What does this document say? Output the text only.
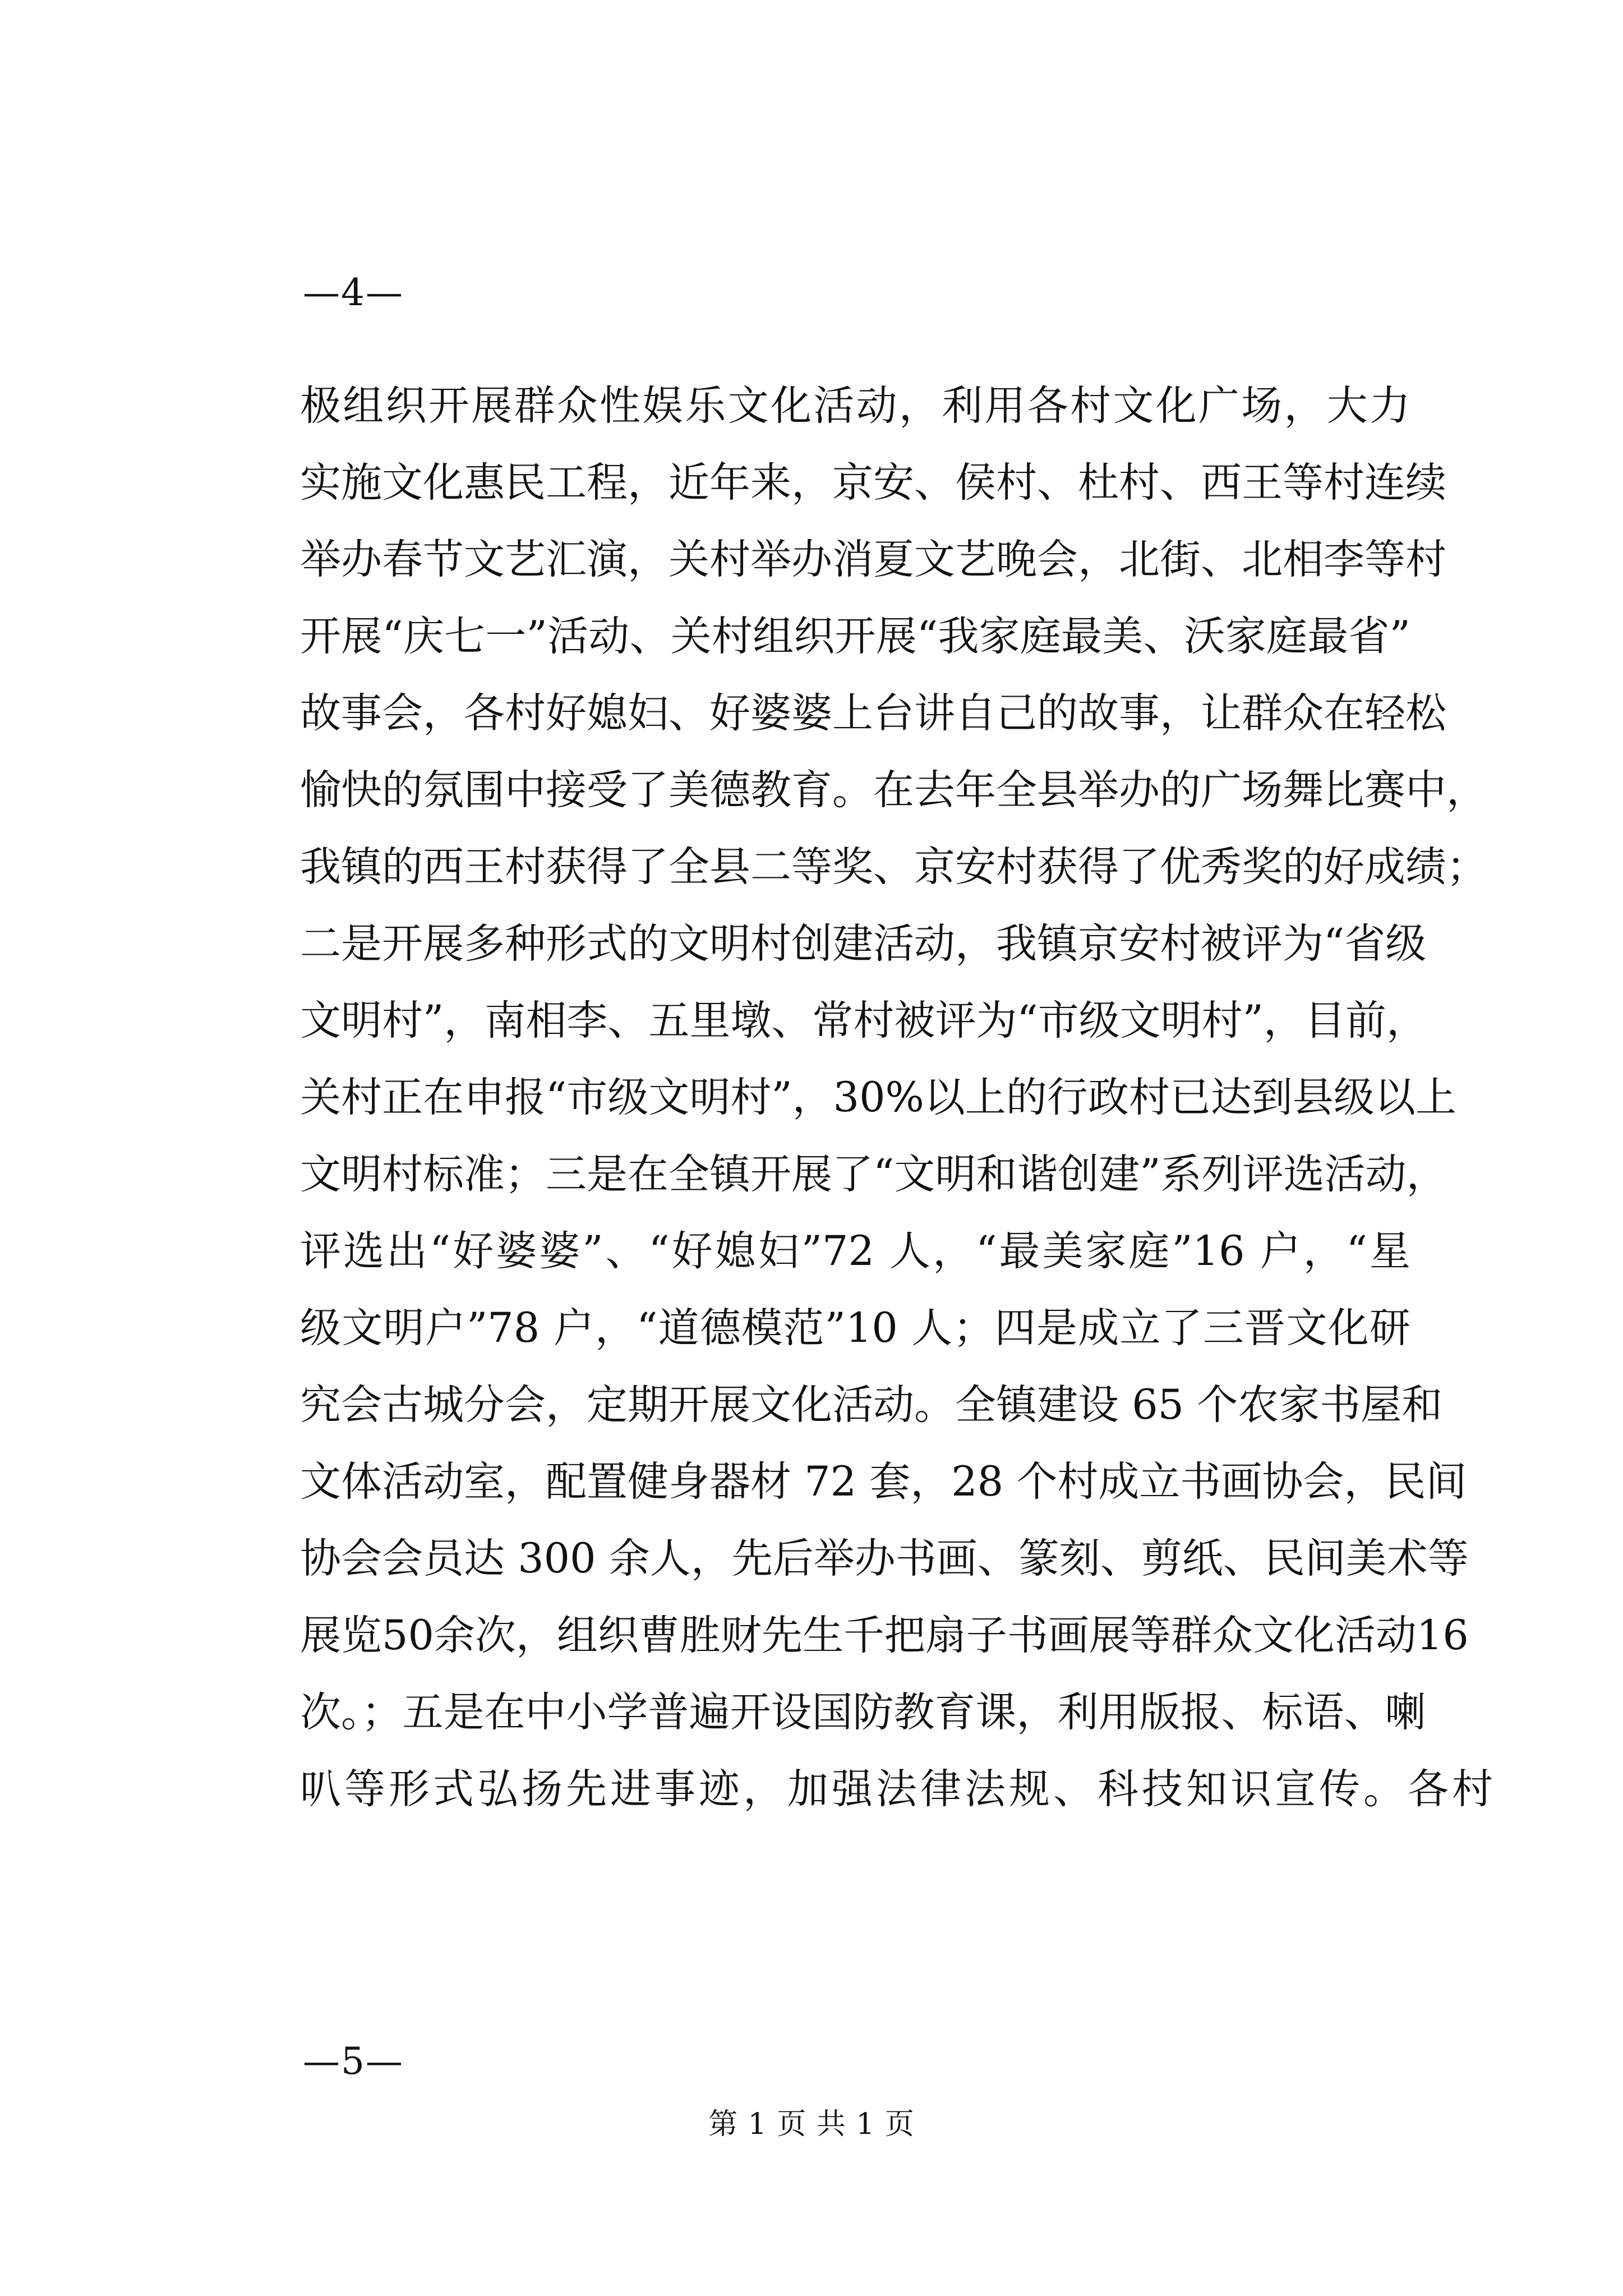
—4—
极组织开展群众性娱乐文化活动，利用各村文化广场，大力
实施文化惠民工程，近年来，京安、侯村、杜村、西王等村连续
举办春节文艺汇演，关村举办消夏文艺晚会，北街、北相李等村
开展“庆七一”活动、关村组织开展“我家庭最美、沃家庭最省”
故事会，各村好媳妇、好婆婆上台讲自己的故事，让群众在轻松
愉快的氛围中接受了美德教育。在去年全县举办的广场舞比赛中，
我镇的西王村获得了全县二等奖、京安村获得了优秀奖的好成绩；
二是开展多种形式的文明村创建活动，我镇京安村被评为“省级
文明村”，南相李、五里墩、常村被评为“市级文明村”，目前，
关村正在申报“市级文明村”，30%以上的行政村已达到县级以上
文明村标准；三是在全镇开展了“文明和谐创建”系列评选活动，
评选出“好婆婆”、“好媳妇”72 人，“最美家庭”16 户，“星
级文明户”78 户，“道德模范”10 人；四是成立了三晋文化研
究会古城分会，定期开展文化活动。全镇建设 65 个农家书屋和
文体活动室，配置健身器材 72 套，28 个村成立书画协会，民间
协会会员达 300 余人，先后举办书画、篆刻、剪纸、民间美术等
展览50余次，组织曹胜财先生千把扇子书画展等群众文化活动16
次。；五是在中小学普遍开设国防教育课，利用版报、标语、喇
叭等形式弘扬先进事迹，加强法律法规、科技知识宣传。各村
—5—
第 1 页 共 1 页
